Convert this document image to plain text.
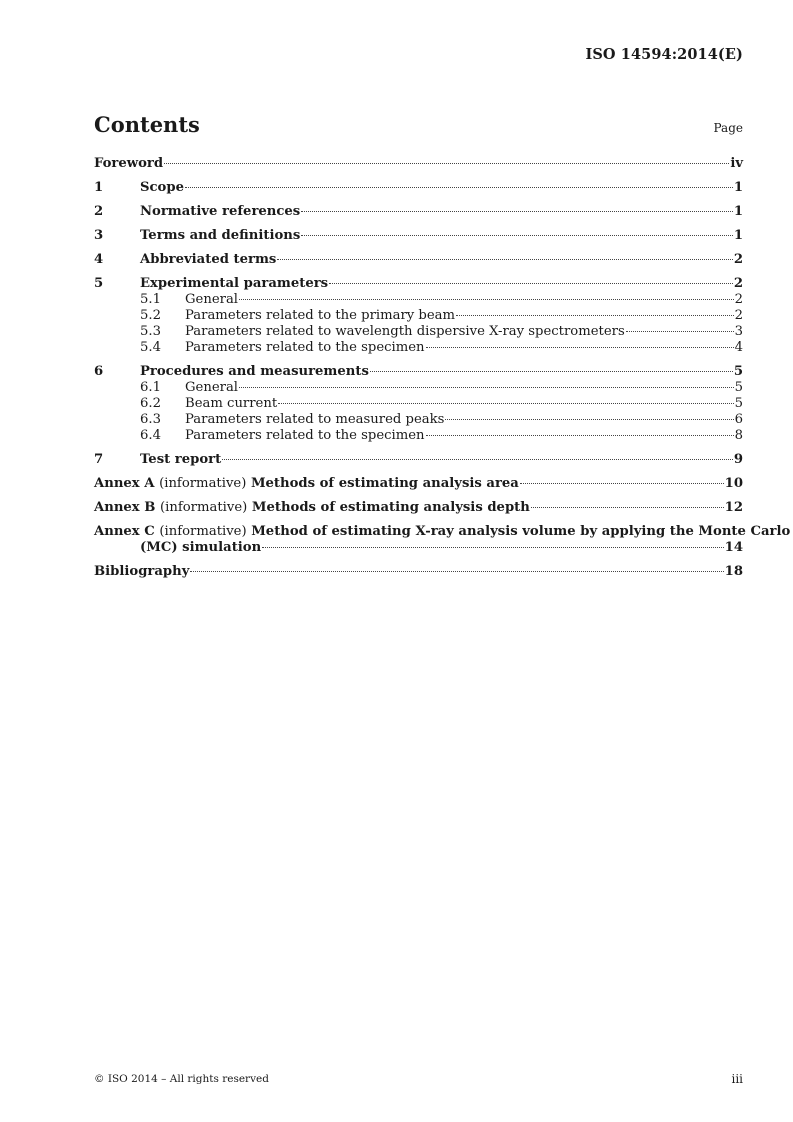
ISO 14594:2014(E)
Contents	Page
Foreword	iv
1	Scope	1
2	Normative references	1
3	Terms and definitions	1
4	Abbreviated terms	2
5	Experimental parameters	2
5.1	General	2
5.2	Parameters related to the primary beam	2
5.3	Parameters related to wavelength dispersive X-ray spectrometers	3
5.4	Parameters related to the specimen	4
6	Procedures and measurements	5
6.1	General	5
6.2	Beam current	5
6.3	Parameters related to measured peaks	6
6.4	Parameters related to the specimen	8
7	Test report	9
Annex A (informative) Methods of estimating analysis area	10
Annex B (informative) Methods of estimating analysis depth	12
Annex C (informative) Method of estimating X-ray analysis volume by applying the Monte Carlo
(MC) simulation	14
Bibliography	18
© ISO 2014 – All rights reserved	iii
